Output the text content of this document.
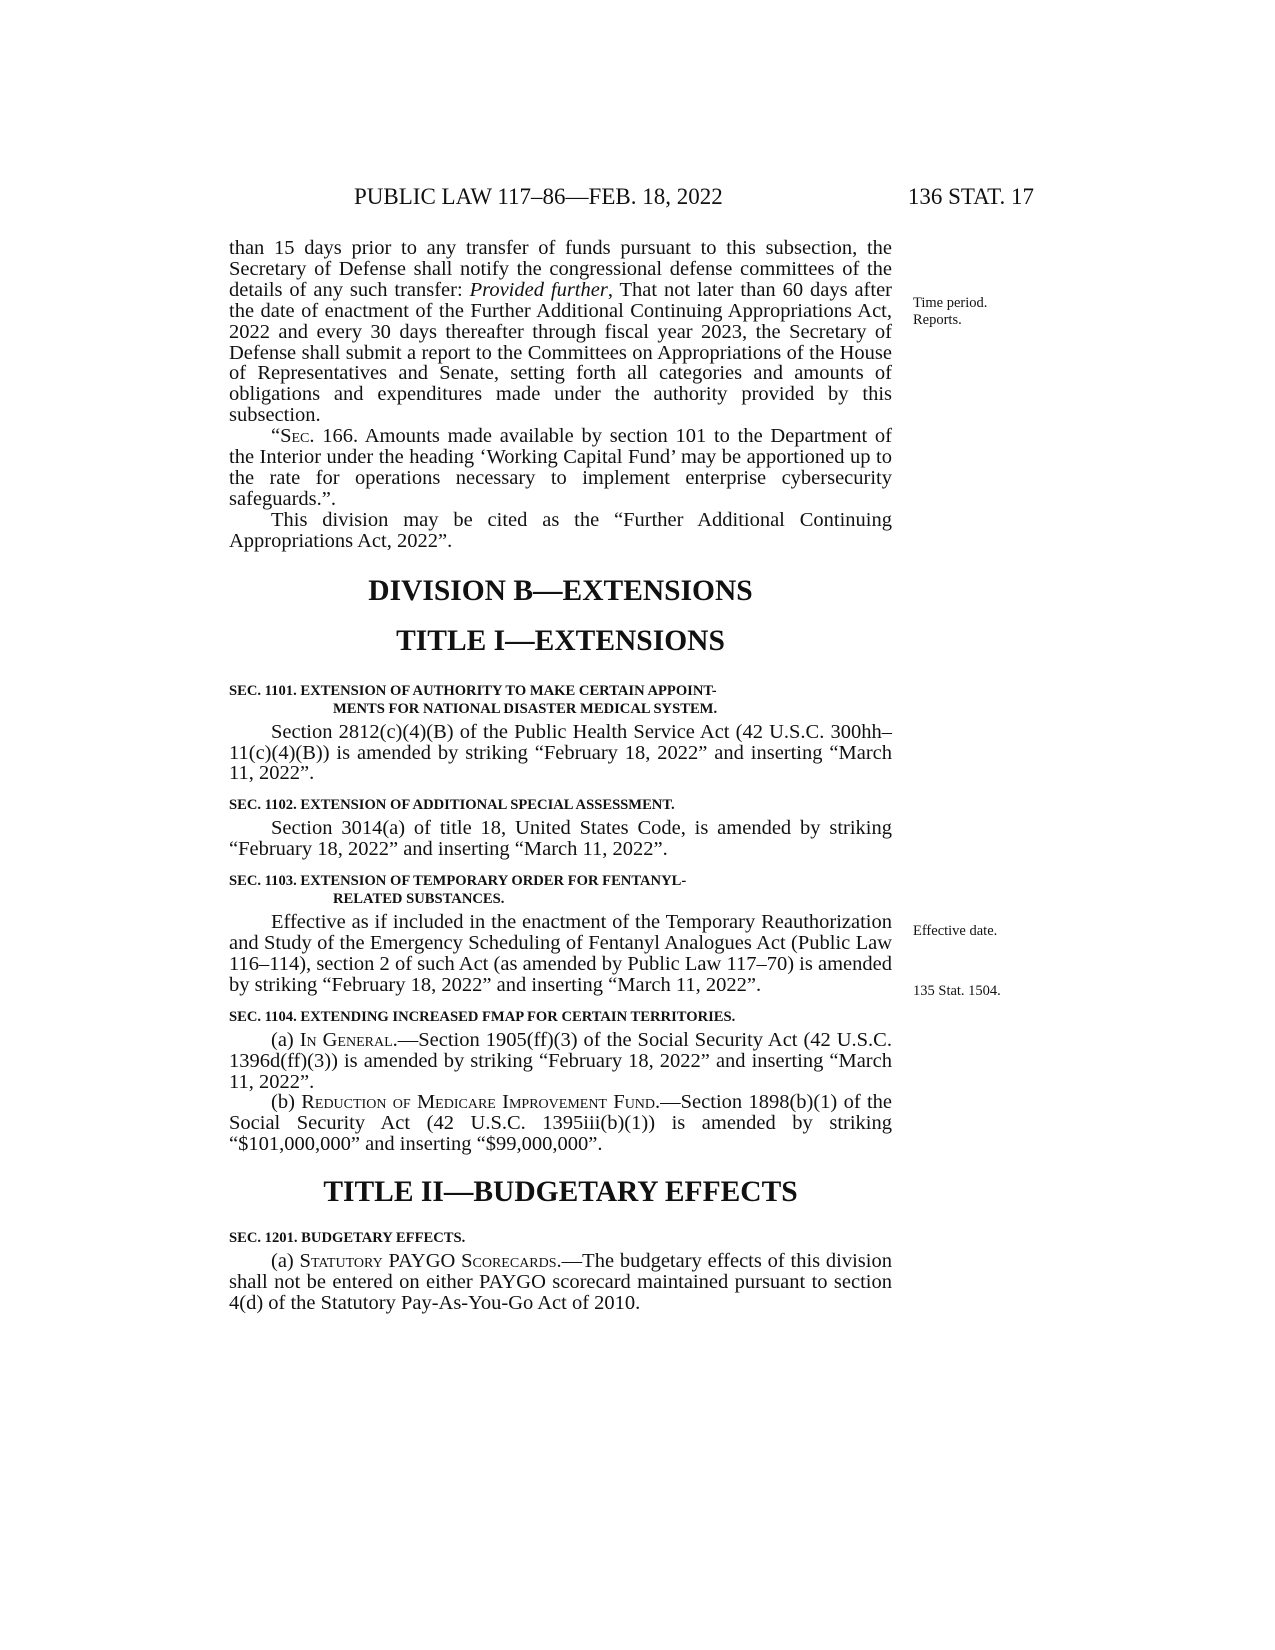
PUBLIC LAW 117–86—FEB. 18, 2022	136 STAT. 17
Time period.
Reports.
Effective date.
135 Stat. 1504.

than 15 days prior to any transfer of funds pursuant to this subsection, the Secretary of Defense shall notify the congressional defense committees of the details of any such transfer: Provided further, That not later than 60 days after the date of enactment of the Further Additional Continuing Appropriations Act, 2022 and every 30 days thereafter through fiscal year 2023, the Secretary of Defense shall submit a report to the Committees on Appropriations of the House of Representatives and Senate, setting forth all categories and amounts of obligations and expenditures made under the authority provided by this subsection.

“Sec. 166. Amounts made available by section 101 to the Department of the Interior under the heading ‘Working Capital Fund’ may be apportioned up to the rate for operations necessary to implement enterprise cybersecurity safeguards.”.

This division may be cited as the “Further Additional Continuing Appropriations Act, 2022”.

DIVISION B—EXTENSIONS
TITLE I—EXTENSIONS
SEC. 1101. EXTENSION OF AUTHORITY TO MAKE CERTAIN APPOINT-
MENTS FOR NATIONAL DISASTER MEDICAL SYSTEM.

Section 2812(c)(4)(B) of the Public Health Service Act (42 U.S.C. 300hh–11(c)(4)(B)) is amended by striking “February 18, 2022” and inserting “March 11, 2022”.

SEC. 1102. EXTENSION OF ADDITIONAL SPECIAL ASSESSMENT.

Section 3014(a) of title 18, United States Code, is amended by striking “February 18, 2022” and inserting “March 11, 2022”.

SEC. 1103. EXTENSION OF TEMPORARY ORDER FOR FENTANYL-
RELATED SUBSTANCES.

Effective as if included in the enactment of the Temporary Reauthorization and Study of the Emergency Scheduling of Fentanyl Analogues Act (Public Law 116–114), section 2 of such Act (as amended by Public Law 117–70) is amended by striking “February 18, 2022” and inserting “March 11, 2022”.

SEC. 1104. EXTENDING INCREASED FMAP FOR CERTAIN TERRITORIES.

(a) In General.—Section 1905(ff)(3) of the Social Security Act (42 U.S.C. 1396d(ff)(3)) is amended by striking “February 18, 2022” and inserting “March 11, 2022”.

(b) Reduction of Medicare Improvement Fund.—Section 1898(b)(1) of the Social Security Act (42 U.S.C. 1395iii(b)(1)) is amended by striking “$101,000,000” and inserting “$99,000,000”.

TITLE II—BUDGETARY EFFECTS
SEC. 1201. BUDGETARY EFFECTS.

(a) Statutory PAYGO Scorecards.—The budgetary effects of this division shall not be entered on either PAYGO scorecard maintained pursuant to section 4(d) of the Statutory Pay-As-You-Go Act of 2010.
